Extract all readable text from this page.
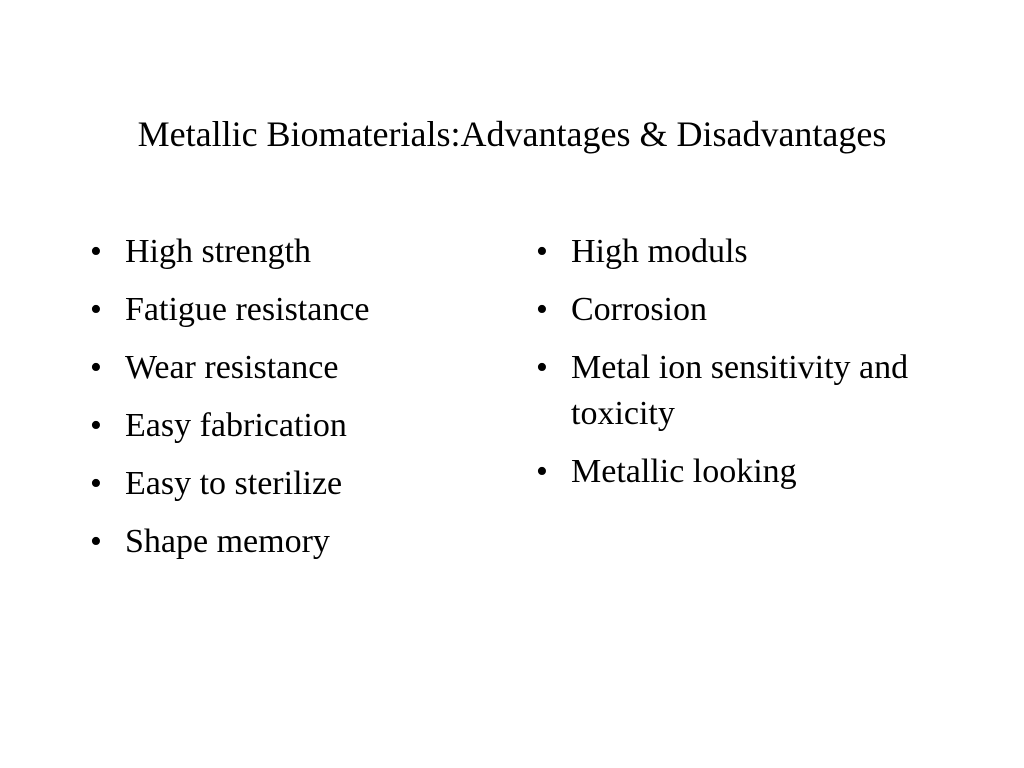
Metallic Biomaterials:Advantages & Disadvantages
• High strength
• Fatigue resistance
• Wear resistance
• Easy fabrication
• Easy to sterilize
• Shape memory
• High moduls
• Corrosion
• Metal ion sensitivity and toxicity
• Metallic looking
